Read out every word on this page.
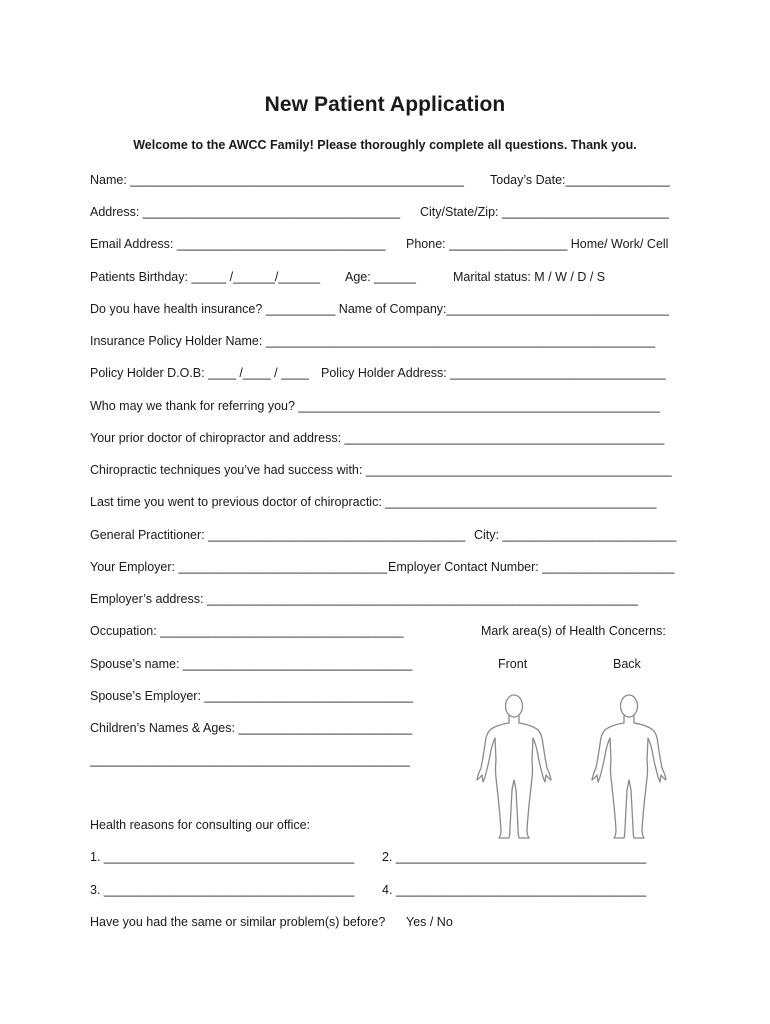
New Patient Application
Welcome to the AWCC Family! Please thoroughly complete all questions. Thank you.
Name: ________________________________________________ Today’s Date:_______________
Address: _____________________________________ City/State/Zip: ________________________
Email Address: ______________________________ Phone: _________________ Home/ Work/ Cell
Patients Birthday: _____ /______/______ Age: ______	Marital status: M / W / D / S
Do you have health insurance? __________ Name of Company:________________________________
Insurance Policy Holder Name: ________________________________________________________
Policy Holder D.O.B: ____ /____ / ____ Policy Holder Address: _______________________________
Who may we thank for referring you? ____________________________________________________
Your prior doctor of chiropractor and address: ______________________________________________
Chiropractic techniques you’ve had success with: ____________________________________________
Last time you went to previous doctor of chiropractic: _______________________________________
General Practitioner: _____________________________________ City: _________________________
Your Employer: ______________________________ Employer Contact Number: ___________________
Employer’s address: ______________________________________________________________
Occupation: ___________________________________	Mark area(s) of Health Concerns:
Spouse’s name: _________________________________	Front	Back
Spouse’s Employer: ______________________________
Children’s Names & Ages: _________________________
______________________________________________
Health reasons for consulting our office:
1. ____________________________________ 2. ____________________________________
3. ____________________________________ 4. ____________________________________
Have you had the same or similar problem(s) before? Yes / No
